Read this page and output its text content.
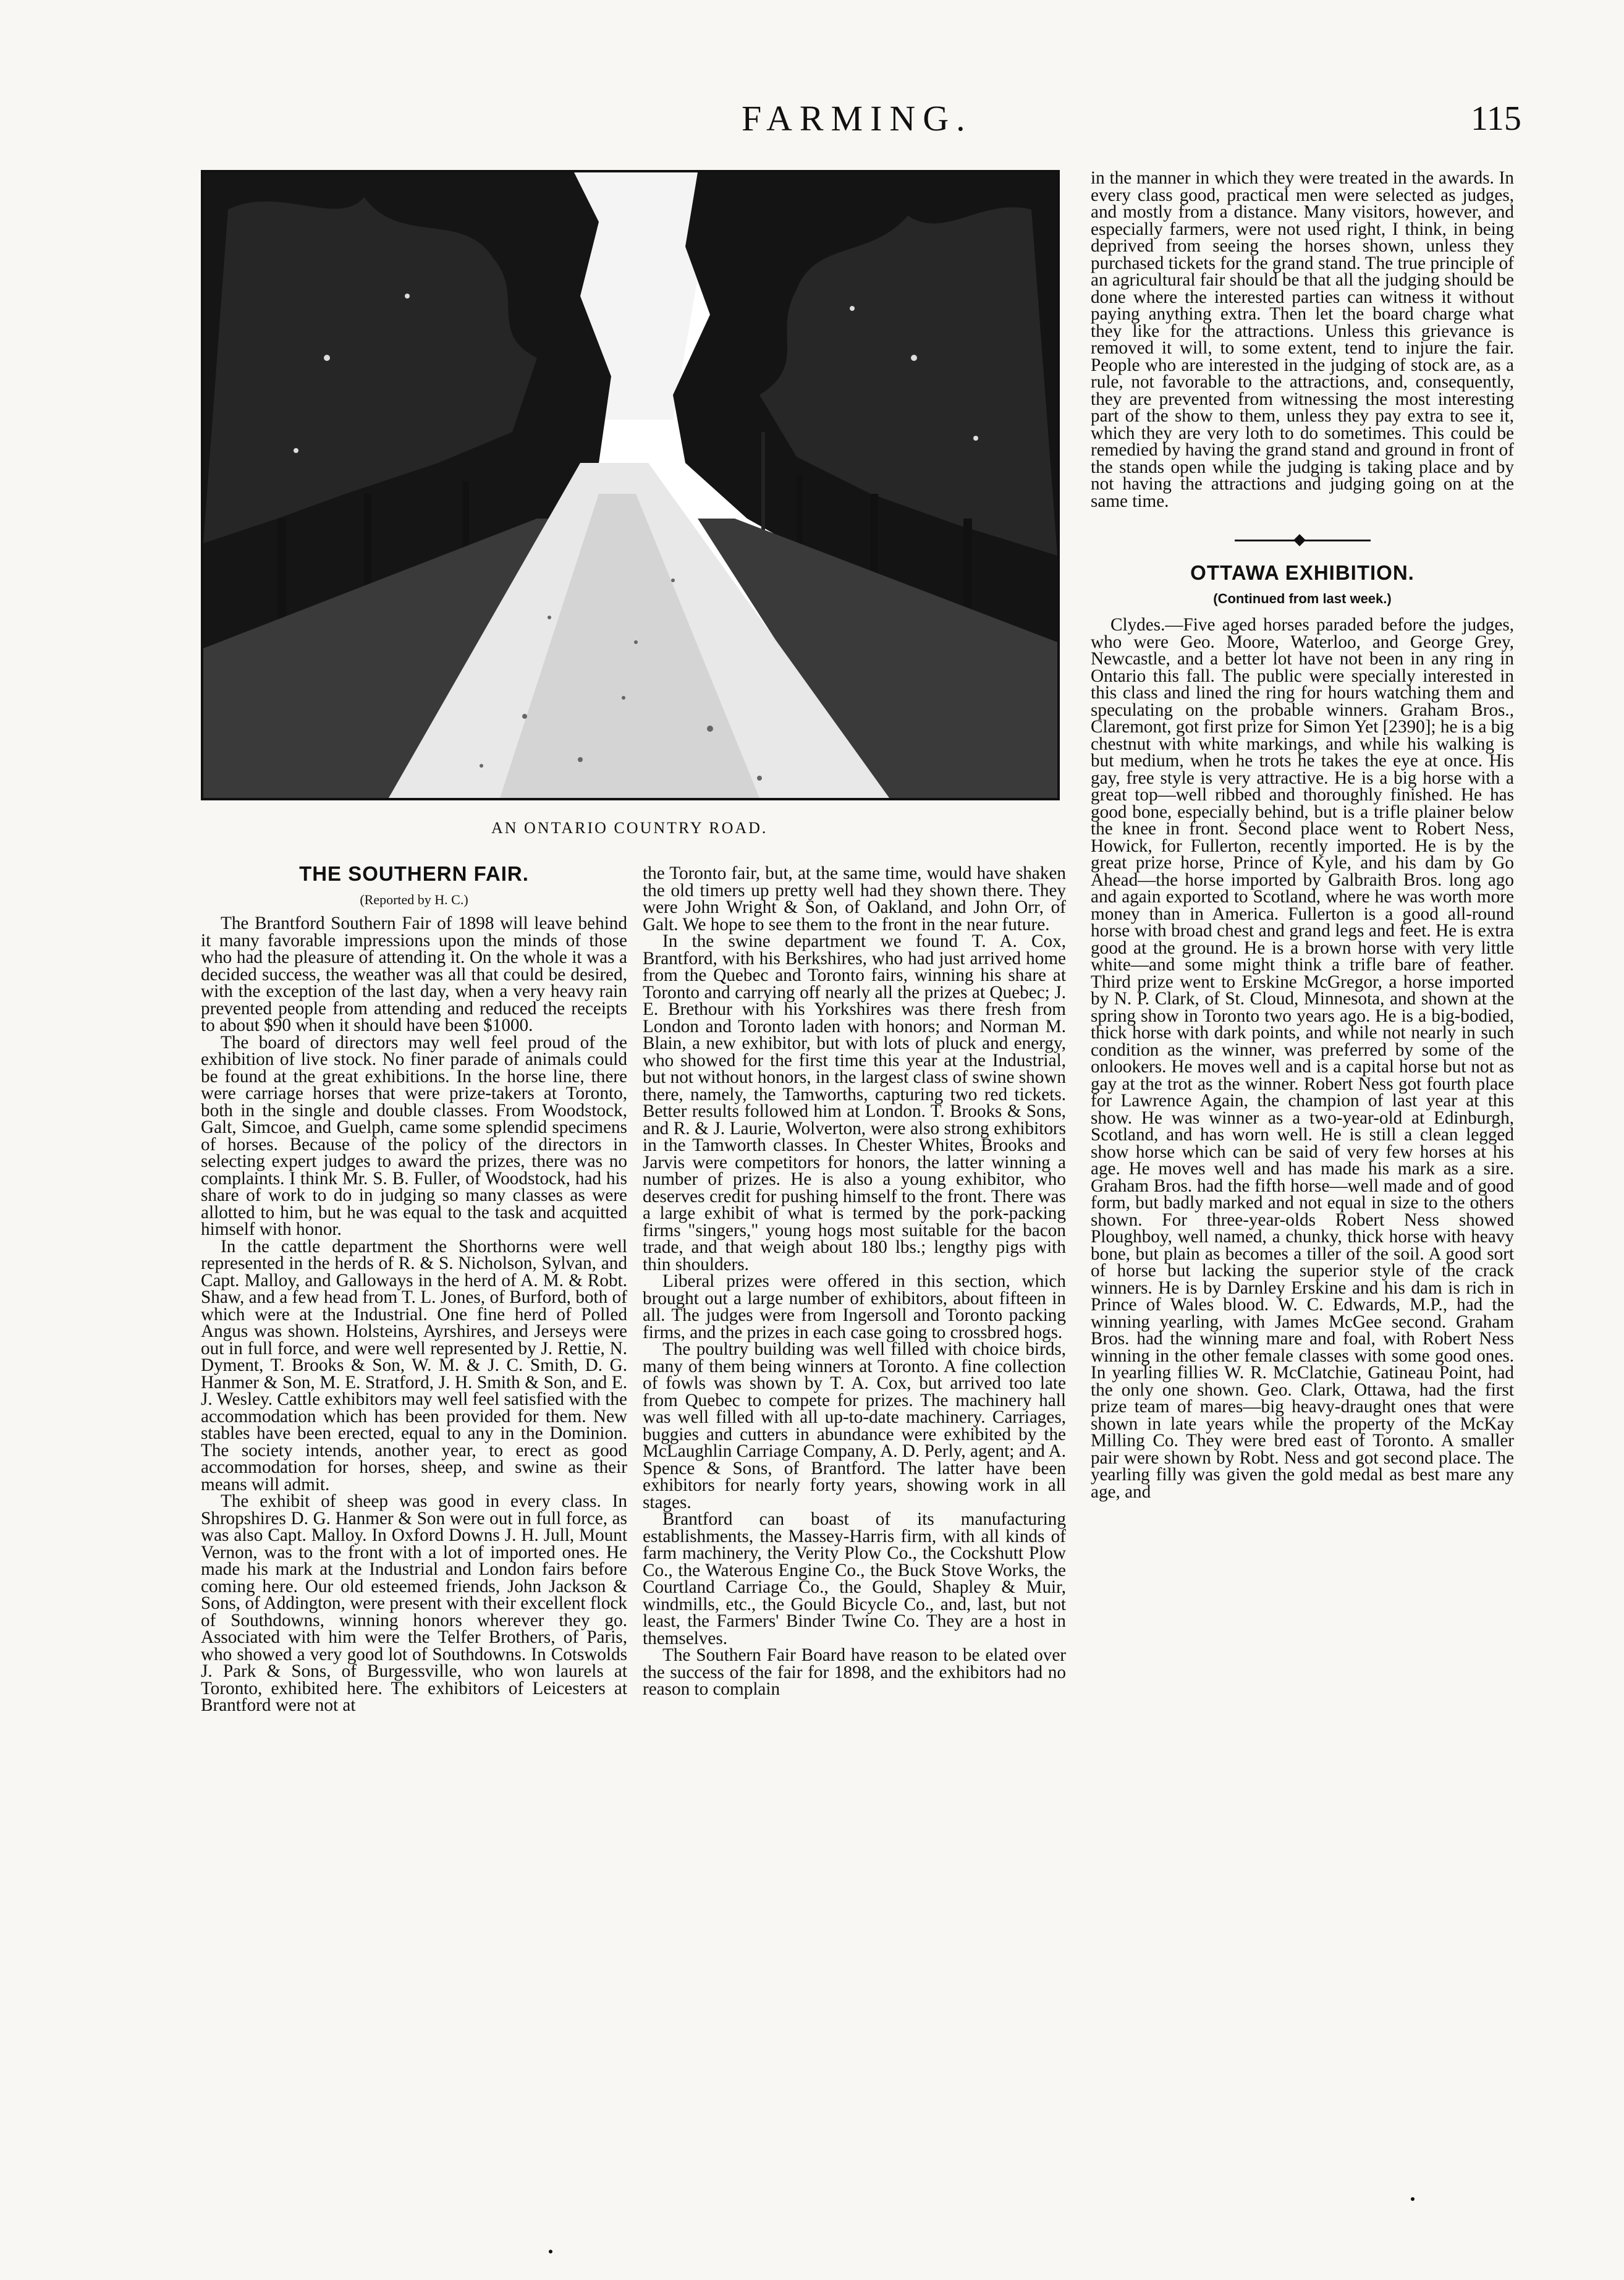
FARMING.	115
AN ONTARIO COUNTRY ROAD.
THE SOUTHERN FAIR.
(Reported by H. C.)

The Brantford Southern Fair of 1898 will leave behind it many favorable impressions upon the minds of those who had the pleasure of attending it. On the whole it was a decided success, the weather was all that could be desired, with the exception of the last day, when a very heavy rain prevented people from attending and reduced the receipts to about $90 when it should have been $1000.

The board of directors may well feel proud of the exhibition of live stock. No finer parade of animals could be found at the great exhibitions. In the horse line, there were carriage horses that were prize-takers at Toronto, both in the single and double classes. From Woodstock, Galt, Simcoe, and Guelph, came some splendid specimens of horses. Because of the policy of the directors in selecting expert judges to award the prizes, there was no complaints. I think Mr. S. B. Fuller, of Woodstock, had his share of work to do in judging so many classes as were allotted to him, but he was equal to the task and acquitted himself with honor.

In the cattle department the Shorthorns were well represented in the herds of R. & S. Nicholson, Sylvan, and Capt. Malloy, and Galloways in the herd of A. M. & Robt. Shaw, and a few head from T. L. Jones, of Burford, both of which were at the Industrial. One fine herd of Polled Angus was shown. Holsteins, Ayrshires, and Jerseys were out in full force, and were well represented by J. Rettie, N. Dyment, T. Brooks & Son, W. M. & J. C. Smith, D. G. Hanmer & Son, M. E. Stratford, J. H. Smith & Son, and E. J. Wesley. Cattle exhibitors may well feel satisfied with the accommodation which has been provided for them. New stables have been erected, equal to any in the Dominion. The society intends, another year, to erect as good accommodation for horses, sheep, and swine as their means will admit.

The exhibit of sheep was good in every class. In Shropshires D. G. Hanmer & Son were out in full force, as was also Capt. Malloy. In Oxford Downs J. H. Jull, Mount Vernon, was to the front with a lot of imported ones. He made his mark at the Industrial and London fairs before coming here. Our old esteemed friends, John Jackson & Sons, of Addington, were present with their excellent flock of Southdowns, winning honors wherever they go. Associated with him were the Telfer Brothers, of Paris, who showed a very good lot of Southdowns. In Cotswolds J. Park & Sons, of Burgessville, who won laurels at Toronto, exhibited here. The exhibitors of Leicesters at Brantford were not at

the Toronto fair, but, at the same time, would have shaken the old timers up pretty well had they shown there. They were John Wright & Son, of Oakland, and John Orr, of Galt. We hope to see them to the front in the near future.

In the swine department we found T. A. Cox, Brantford, with his Berkshires, who had just arrived home from the Quebec and Toronto fairs, winning his share at Toronto and carrying off nearly all the prizes at Quebec; J. E. Brethour with his Yorkshires was there fresh from London and Toronto laden with honors; and Norman M. Blain, a new exhibitor, but with lots of pluck and energy, who showed for the first time this year at the Industrial, but not without honors, in the largest class of swine shown there, namely, the Tamworths, capturing two red tickets. Better results followed him at London. T. Brooks & Sons, and R. & J. Laurie, Wolverton, were also strong exhibitors in the Tamworth classes. In Chester Whites, Brooks and Jarvis were competitors for honors, the latter winning a number of prizes. He is also a young exhibitor, who deserves credit for pushing himself to the front. There was a large exhibit of what is termed by the pork-packing firms "singers," young hogs most suitable for the bacon trade, and that weigh about 180 lbs.; lengthy pigs with thin shoulders.

Liberal prizes were offered in this section, which brought out a large number of exhibitors, about fifteen in all. The judges were from Ingersoll and Toronto packing firms, and the prizes in each case going to crossbred hogs.

The poultry building was well filled with choice birds, many of them being winners at Toronto. A fine collection of fowls was shown by T. A. Cox, but arrived too late from Quebec to compete for prizes. The machinery hall was well filled with all up-to-date machinery. Carriages, buggies and cutters in abundance were exhibited by the McLaughlin Carriage Company, A. D. Perly, agent; and A. Spence & Sons, of Brantford. The latter have been exhibitors for nearly forty years, showing work in all stages.

Brantford can boast of its manufacturing establishments, the Massey-Harris firm, with all kinds of farm machinery, the Verity Plow Co., the Cockshutt Plow Co., the Waterous Engine Co., the Buck Stove Works, the Courtland Carriage Co., the Gould, Shapley & Muir, windmills, etc., the Gould Bicycle Co., and, last, but not least, the Farmers' Binder Twine Co. They are a host in themselves.

The Southern Fair Board have reason to be elated over the success of the fair for 1898, and the exhibitors had no reason to complain

in the manner in which they were treated in the awards. In every class good, practical men were selected as judges, and mostly from a distance. Many visitors, however, and especially farmers, were not used right, I think, in being deprived from seeing the horses shown, unless they purchased tickets for the grand stand. The true principle of an agricultural fair should be that all the judging should be done where the interested parties can witness it without paying anything extra. Then let the board charge what they like for the attractions. Unless this grievance is removed it will, to some extent, tend to injure the fair. People who are interested in the judging of stock are, as a rule, not favorable to the attractions, and, consequently, they are prevented from witnessing the most interesting part of the show to them, unless they pay extra to see it, which they are very loth to do sometimes. This could be remedied by having the grand stand and ground in front of the stands open while the judging is taking place and by not having the attractions and judging going on at the same time.

OTTAWA EXHIBITION.
(Continued from last week.)

Clydes.—Five aged horses paraded before the judges, who were Geo. Moore, Waterloo, and George Grey, Newcastle, and a better lot have not been in any ring in Ontario this fall. The public were specially interested in this class and lined the ring for hours watching them and speculating on the probable winners. Graham Bros., Claremont, got first prize for Simon Yet [2390]; he is a big chestnut with white markings, and while his walking is but medium, when he trots he takes the eye at once. His gay, free style is very attractive. He is a big horse with a great top—well ribbed and thoroughly finished. He has good bone, especially behind, but is a trifle plainer below the knee in front. Second place went to Robert Ness, Howick, for Fullerton, recently imported. He is by the great prize horse, Prince of Kyle, and his dam by Go Ahead—the horse imported by Galbraith Bros. long ago and again exported to Scotland, where he was worth more money than in America. Fullerton is a good all-round horse with broad chest and grand legs and feet. He is extra good at the ground. He is a brown horse with very little white—and some might think a trifle bare of feather. Third prize went to Erskine McGregor, a horse imported by N. P. Clark, of St. Cloud, Minnesota, and shown at the spring show in Toronto two years ago. He is a big-bodied, thick horse with dark points, and while not nearly in such condition as the winner, was preferred by some of the onlookers. He moves well and is a capital horse but not as gay at the trot as the winner. Robert Ness got fourth place for Lawrence Again, the champion of last year at this show. He was winner as a two-year-old at Edinburgh, Scotland, and has worn well. He is still a clean legged show horse which can be said of very few horses at his age. He moves well and has made his mark as a sire. Graham Bros. had the fifth horse—well made and of good form, but badly marked and not equal in size to the others shown. For three-year-olds Robert Ness showed Ploughboy, well named, a chunky, thick horse with heavy bone, but plain as becomes a tiller of the soil. A good sort of horse but lacking the superior style of the crack winners. He is by Darnley Erskine and his dam is rich in Prince of Wales blood. W. C. Edwards, M.P., had the winning yearling, with James McGee second. Graham Bros. had the winning mare and foal, with Robert Ness winning in the other female classes with some good ones. In yearling fillies W. R. McClatchie, Gatineau Point, had the only one shown. Geo. Clark, Ottawa, had the first prize team of mares—big heavy-draught ones that were shown in late years while the property of the McKay Milling Co. They were bred east of Toronto. A smaller pair were shown by Robt. Ness and got second place. The yearling filly was given the gold medal as best mare any age, and
